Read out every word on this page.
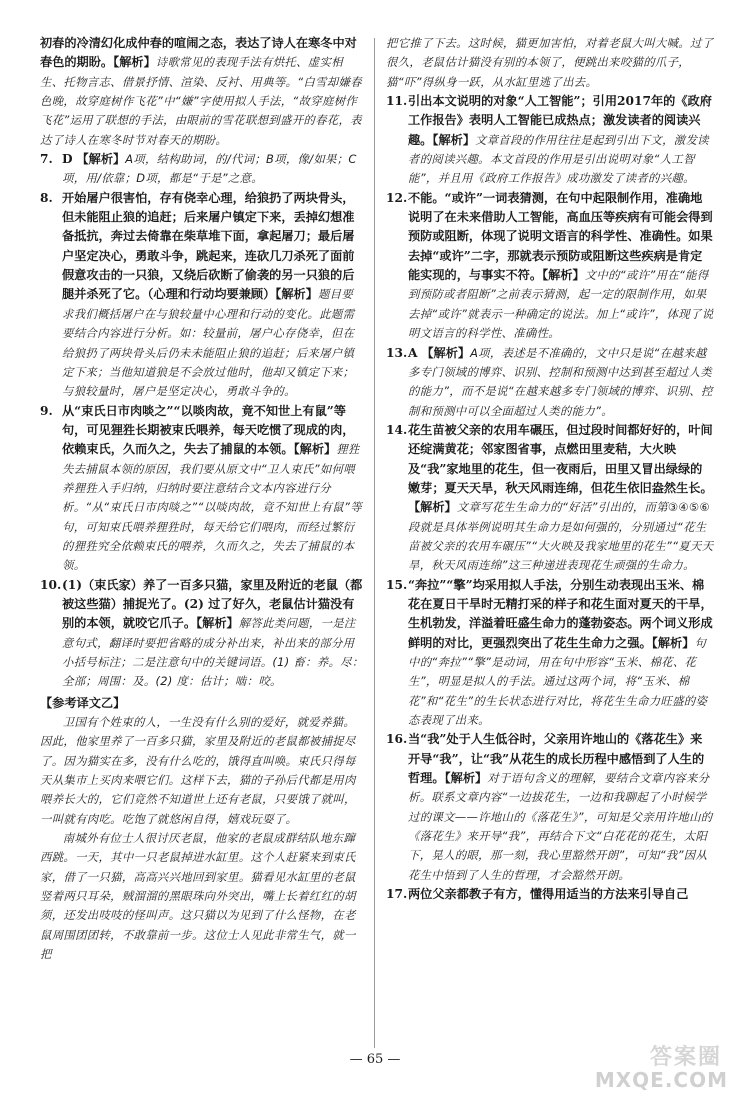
初春的冷清幻化成仲春的喧闹之态，表达了诗人在寒冬中对春色的期盼。【解析】诗歌常见的表现手法有烘托、虚实相生、托物言志、借景抒情、渲染、反衬、用典等。“白雪却嫌春色晚，故穿庭树作飞花”中“嫌”字使用拟人手法，“故穿庭树作飞花”运用了联想的手法，由眼前的雪花联想到盛开的春花，表达了诗人在寒冬时节对春天的期盼。

7. D 【解析】A项，结构助词，的/代词；B项，像/如果；C项，用/依靠；D项，都是“于是”之意。

8. 开始屠户很害怕，存有侥幸心理，给狼扔了两块骨头，但未能阻止狼的追赶；后来屠户镇定下来，丢掉幻想准备抵抗，奔过去倚靠在柴草堆下面，拿起屠刀；最后屠户坚定决心，勇敢斗争，跳起来，连砍几刀杀死了面前假意攻击的一只狼，又绕后砍断了偷袭的另一只狼的后腿并杀死了它。（心理和行动均要兼顾）【解析】题目要求我们概括屠户在与狼较量中心理和行动的变化。此题需要结合内容进行分析。如：较量前，屠户心存侥幸，但在给狼扔了两块骨头后仍未未能阻止狼的追赶；后来屠户镇定下来；当他知道狼是不会放过他时，他却又镇定下来；与狼较量时，屠户是坚定决心，勇敢斗争的。

9. 从“束氏日市肉啖之”“以啖肉故，竟不知世上有鼠”等句，可见狸狌长期被束氏喂养，每天吃惯了现成的肉，依赖束氏，久而久之，失去了捕鼠的本领。【解析】狸狌失去捕鼠本领的原因，我们要从原文中“卫人束氏”如何喂养狸狌入手归纳，归纳时要注意结合文本内容进行分析。“从“束氏日市肉啖之”“以啖肉故，竟不知世上有鼠”等句，可知束氏喂养狸狌时，每天给它们喂肉，而经过繁衍的狸狌究全依赖束氏的喂养，久而久之，失去了捕鼠的本领。

10. (1)（束氏家）养了一百多只猫，家里及附近的老鼠（都被这些猫）捕捉光了。(2) 过了好久，老鼠估计猫没有别的本领，就咬它爪子。【解析】解答此类问题，一是注意句式，翻译时要把省略的成分补出来，补出来的部分用小括号标注；二是注意句中的关键词语。(1) 畜：养。尽：全部；周围：及。(2) 度：估计；啮：咬。

【参考译文乙】

卫国有个姓束的人，一生没有什么别的爱好，就爱养猫。因此，他家里养了一百多只猫，家里及附近的老鼠都被捕捉尽了。因为猫实在多，没有什么吃的，饿得直叫唤。束氏只得每天从集市上买肉来喂它们。这样下去，猫的子孙后代都是用肉喂养长大的，它们竟然不知道世上还有老鼠，只要饿了就叫，一叫就有肉吃。吃饱了就悠闲自得，嬉戏玩耍了。

南城外有位士人很讨厌老鼠，他家的老鼠成群结队地东蹿西跳。一天，其中一只老鼠掉进水缸里。这个人赶紧来到束氏家，借了一只猫，高高兴兴地回到家里。猫看见水缸里的老鼠竖着两只耳朵，贼溜溜的黑眼珠向外突出，嘴上长着红红的胡须，还发出吱吱的怪叫声。这只猫以为见到了什么怪物，在老鼠周围团团转，不敢靠前一步。这位士人见此非常生气，就一把

把它推了下去。这时候，猫更加害怕，对着老鼠大叫大喊。过了很久，老鼠估计猫没有别的本领了，便跳出来咬猫的爪子，猫“吓”得纵身一跃，从水缸里逃了出去。

11. 引出本文说明的对象“人工智能”；引用2017年的《政府工作报告》表明人工智能已成热点；激发读者的阅读兴趣。【解析】文章首段的作用往往是起到引出下文，激发读者的阅读兴趣。本文首段的作用是引出说明对象“人工智能”，并且用《政府工作报告》成功激发了读者的兴趣。

12. 不能。“或许”一词表猜测，在句中起限制作用，准确地说明了在未来借助人工智能，高血压等疾病有可能会得到预防或阻断，体现了说明文语言的科学性、准确性。如果去掉“或许”二字，那就表示预防或阻断这些疾病是肯定能实现的，与事实不符。【解析】文中的“或许”用在“能得到预防或者阻断”之前表示猜测，起一定的限制作用，如果去掉“或许”就表示一种确定的说法。加上“或许”，体现了说明文语言的科学性、准确性。

13. A 【解析】A项，表述是不准确的，文中只是说“在越来越多专门领域的博弈、识别、控制和预测中达到甚至超过人类的能力”，而不是说“在越来越多专门领域的博弈、识别、控制和预测中可以全面超过人类的能力”。

14. 花生苗被父亲的农用车碾压，但过段时间都好好的，叶间还绽满黄花；邻家图省事，点燃田里麦秸，大火映及“我”家地里的花生，但一夜雨后，田里又冒出绿绿的嫩芽；夏天天旱，秋天风雨连绵，但花生依旧盎然生长。【解析】文章写花生生命力的“好活”引出的，而第③④⑤⑥段就是具体举例说明其生命力是如何强的，分别通过“花生苗被父亲的农用车碾压”“大火映及我家地里的花生”“夏天天旱，秋天风雨连绵”这三种递进表现花生顽强的生命力。

15. “奔拉”“擎”均采用拟人手法，分别生动表现出玉米、棉花在夏日干旱时无精打采的样子和花生面对夏天的干旱，生机勃发，洋溢着旺盛生命力的蓬勃姿态。两个词义形成鲜明的对比，更强烈突出了花生生命力之强。【解析】句中的“奔拉”“擎”是动词，用在句中形容“玉米、棉花、花生”，明显是拟人的手法。通过这两个词，将“玉米、棉花”和“花生”的生长状态进行对比，将花生生命力旺盛的姿态表现了出来。

16. 当“我”处于人生低谷时，父亲用许地山的《落花生》来开导“我”，让“我”从花生的成长历程中感悟到了人生的哲理。【解析】对于语句含义的理解，要结合文章内容来分析。联系文章内容“一边拔花生，一边和我聊起了小时候学过的课文——许地山的《落花生》”，可知是父亲用许地山的《落花生》来开导“我”，再结合下文“白花花的花生，太阳下，晃人的眼，那一刻，我心里豁然开朗”，可知“我”因从花生中悟到了人生的哲理，才会豁然开朗。

17. 两位父亲都教子有方，懂得用适当的方法来引导自己

— 65 —	答案圈
MXQE.COM
